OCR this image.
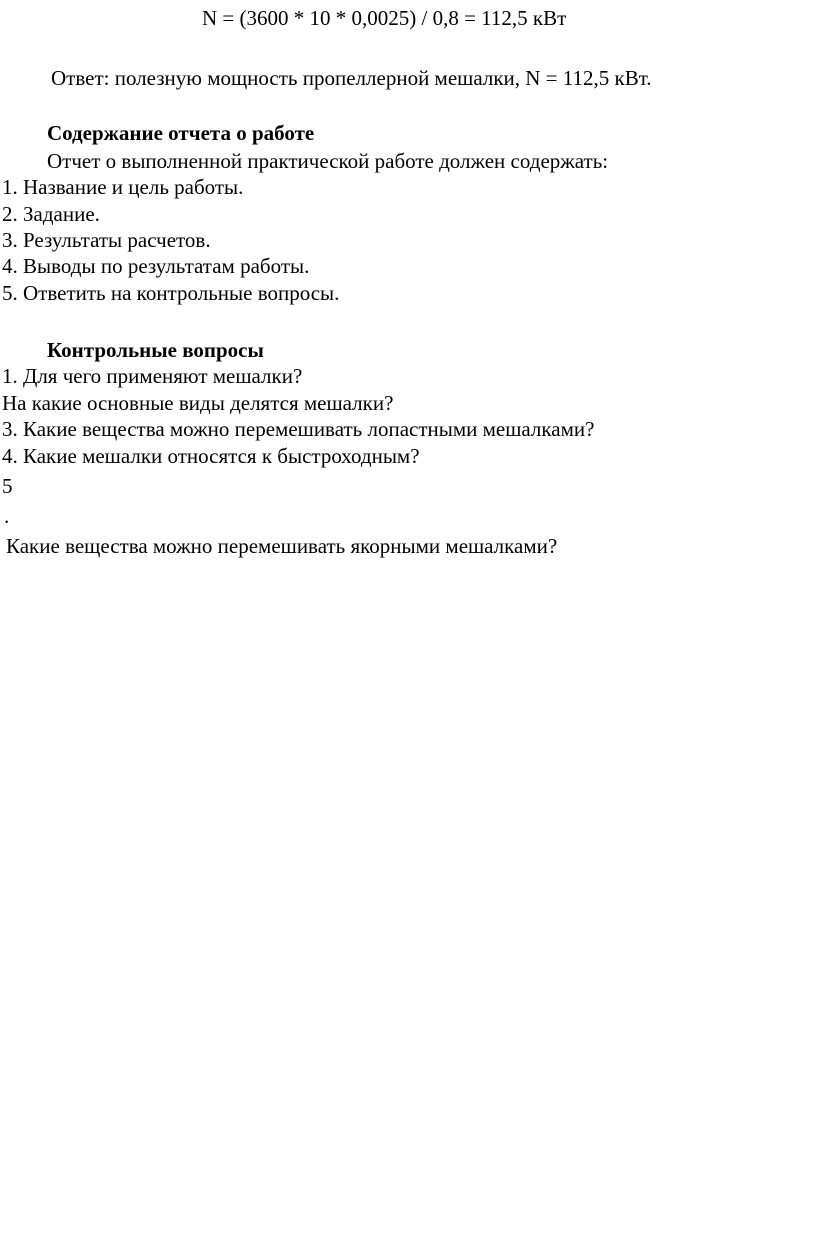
N = (3600 * 10 * 0,0025) / 0,8 = 112,5 кВт
Ответ: полезную мощность пропеллерной мешалки, N = 112,5 кВт.
Содержание отчета о работе
Отчет о выполненной практической работе должен содержать:
1. Название и цель работы.
2. Задание.
3. Результаты расчетов.
4. Выводы по результатам работы.
5. Ответить на контрольные вопросы.
Контрольные вопросы
1. Для чего применяют мешалки?
На какие основные виды делятся мешалки?
3. Какие вещества можно перемешивать лопастными мешалками?
4. Какие мешалки относятся к быстроходным?
5
.
Какие вещества можно перемешивать якорными мешалками?
